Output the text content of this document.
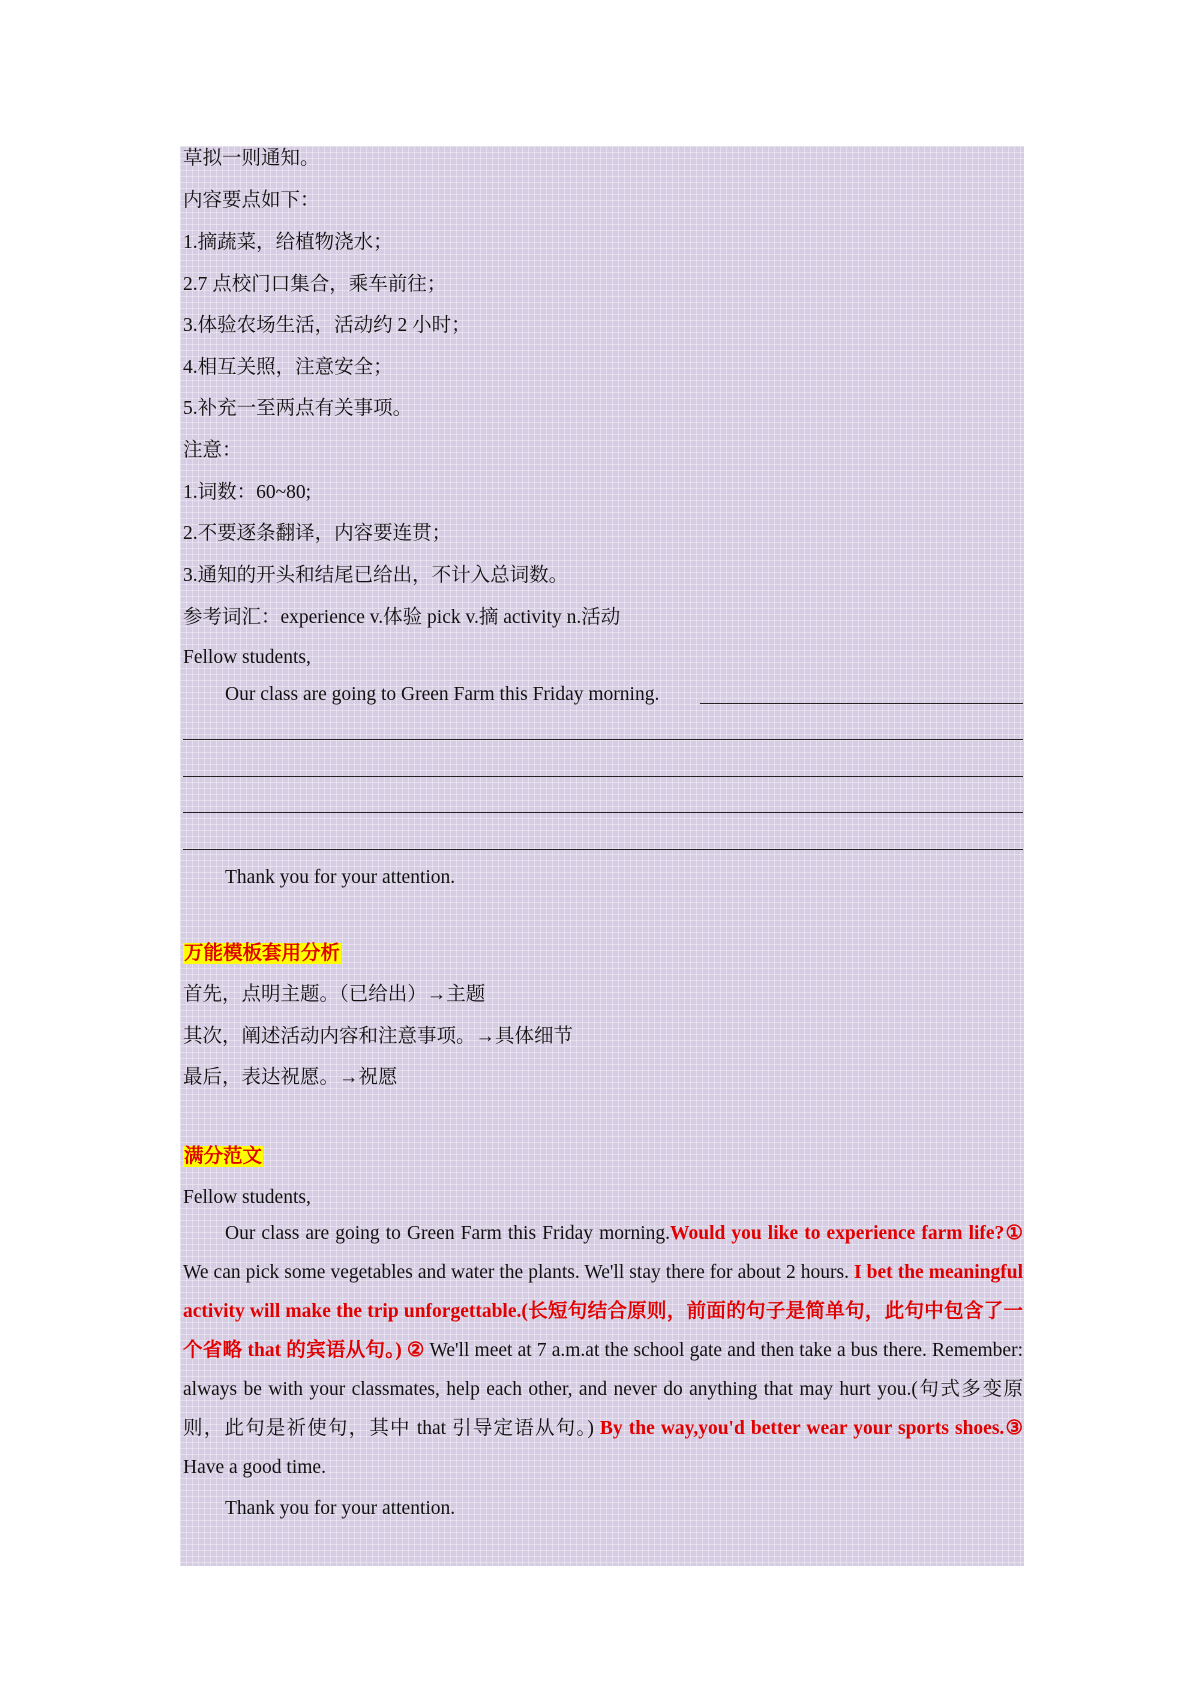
草拟一则通知。
内容要点如下：
1.摘蔬菜，给植物浇水；
2.7 点校门口集合，乘车前往；
3.体验农场生活，活动约 2 小时；
4.相互关照，注意安全；
5.补充一至两点有关事项。
注意：
1.词数：60~80;
2.不要逐条翻译，内容要连贯；
3.通知的开头和结尾已给出，不计入总词数。
参考词汇：experience v.体验 pick v.摘 activity n.活动
Fellow students,
Our class are going to Green Farm this Friday morning.
Thank you for your attention.
万能模板套用分析
首先，点明主题。（已给出）→主题
其次，阐述活动内容和注意事项。→具体细节
最后，表达祝愿。→祝愿
满分范文
Fellow students,
Our class are going to Green Farm this Friday morning.Would you like to experience farm life?① We can pick some vegetables and water the plants. We'll stay there for about 2 hours. I bet the meaningful activity will make the trip unforgettable.(长短句结合原则，前面的句子是简单句，此句中包含了一个省略 that 的宾语从句。) ② We'll meet at 7 a.m.at the school gate and then take a bus there. Remember: always be with your classmates, help each other, and never do anything that may hurt you.(句式多变原则，此句是祈使句，其中 that 引导定语从句。) By the way,you'd better wear your sports shoes.③ Have a good time.
Thank you for your attention.
